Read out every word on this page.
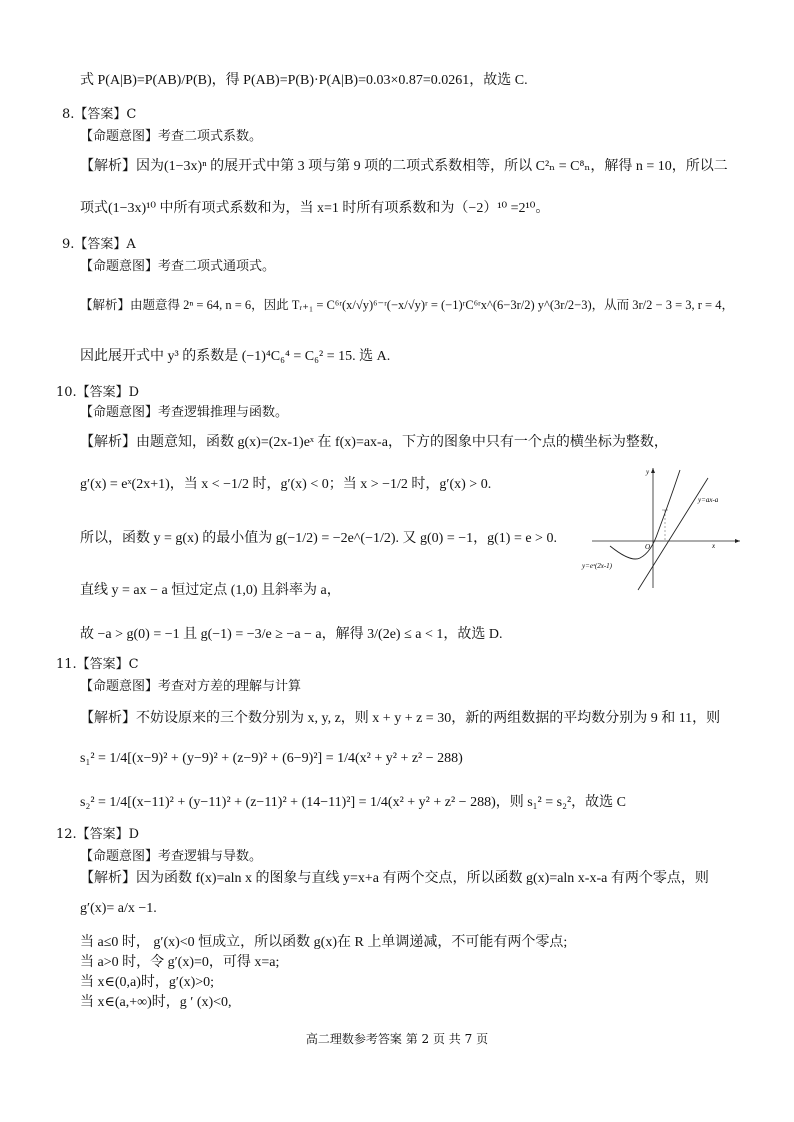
式 P(A|B)=P(AB)/P(B)，得 P(AB)=P(B)·P(A|B)=0.03×0.87=0.0261，故选 C.
8.【答案】C
【命题意图】考查二项式系数。
【解析】因为(1−3x)ⁿ 的展开式中第 3 项与第 9 项的二项式系数相等，所以 C²ₙ = C⁸ₙ，解得 n = 10，所以二
项式(1−3x)¹⁰ 中所有项式系数和为，当 x=1 时所有项系数和为（−2）¹⁰ =2¹⁰。
9.【答案】A
【命题意图】考查二项式通项式。
【解析】由题意得 2ⁿ = 64, n = 6，因此 Tᵣ₊₁ = C⁶ʳ(x/√y)⁶⁻ʳ(−x/√y)ʳ = (−1)ʳC⁶ʳx^(6−3r/2) y^(3r/2−3)，从而 3r/2 − 3 = 3, r = 4，
因此展开式中 y³ 的系数是 (−1)⁴C₆⁴ = C₆² = 15. 选 A.
10.【答案】D
【命题意图】考查逻辑推理与函数。
【解析】由题意知，函数 g(x)=(2x-1)eˣ 在 f(x)=ax-a，下方的图象中只有一个点的横坐标为整数，
g′(x) = eˣ(2x+1)，当 x < −1/2 时，g′(x) < 0；当 x > −1/2 时，g′(x) > 0.
所以，函数 y = g(x) 的最小值为 g(−1/2) = −2e^(−1/2). 又 g(0) = −1，g(1) = e > 0.
直线 y = ax − a 恒过定点 (1,0) 且斜率为 a，
故 −a > g(0) = −1 且 g(−1) = −3/e ≥ −a − a，解得 3/(2e) ≤ a < 1，故选 D.
x
y
O
y=ax-a
y=eˣ(2x-1)
11.【答案】C
【命题意图】考查对方差的理解与计算
【解析】不妨设原来的三个数分别为 x, y, z，则 x + y + z = 30，新的两组数据的平均数分别为 9 和 11，则
s₁² = 1/4[(x−9)² + (y−9)² + (z−9)² + (6−9)²] = 1/4(x² + y² + z² − 288)
s₂² = 1/4[(x−11)² + (y−11)² + (z−11)² + (14−11)²] = 1/4(x² + y² + z² − 288)，则 s₁² = s₂²，故选 C
12.【答案】D
【命题意图】考查逻辑与导数。
【解析】因为函数 f(x)=aln x 的图象与直线 y=x+a 有两个交点，所以函数 g(x)=aln x-x-a 有两个零点，则
g′(x)= a/x −1.
当 a≤0 时， g′(x)<0 恒成立，所以函数 g(x)在 R 上单调递减，不可能有两个零点;
当 a>0 时，令 g′(x)=0，可得 x=a;
当 x∈(0,a)时，g′(x)>0;
当 x∈(a,+∞)时，g ′ (x)<0,
高二理数参考答案 第 2 页 共 7 页
